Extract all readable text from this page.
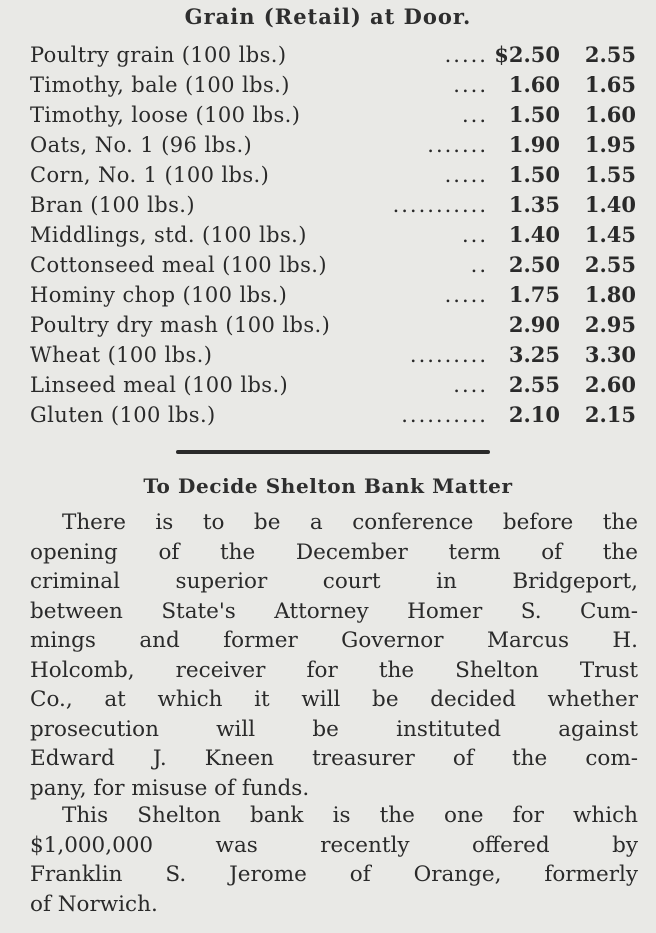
Grain (Retail) at Door.
Poultry grain (100 lbs.)	..... $2.50 2.55
Timothy, bale (100 lbs.)	.... 1.60 1.65
Timothy, loose (100 lbs.)	... 1.50 1.60
Oats, No. 1 (96 lbs.)	....... 1.90 1.95
Corn, No. 1 (100 lbs.)	..... 1.50 1.55
Bran (100 lbs.)	........... 1.35 1.40
Middlings, std. (100 lbs.)	... 1.40 1.45
Cottonseed meal (100 lbs.)	.. 2.50 2.55
Hominy chop (100 lbs.)	..... 1.75 1.80
Poultry dry mash (100 lbs.)	2.90 2.95
Wheat (100 lbs.)	......... 3.25 3.30
Linseed meal (100 lbs.)	.... 2.55 2.60
Gluten (100 lbs.)	.......... 2.10 2.15
To Decide Shelton Bank Matter
There is to be a conference before the
opening of the December term of the
criminal superior court in Bridgeport,
between State's Attorney Homer S. Cum-
mings and former Governor Marcus H.
Holcomb, receiver for the Shelton Trust
Co., at which it will be decided whether
prosecution will be instituted against
Edward J. Kneen treasurer of the com-
pany, for misuse of funds.
This Shelton bank is the one for which
$1,000,000 was recently offered by
Franklin S. Jerome of Orange, formerly
of Norwich.
